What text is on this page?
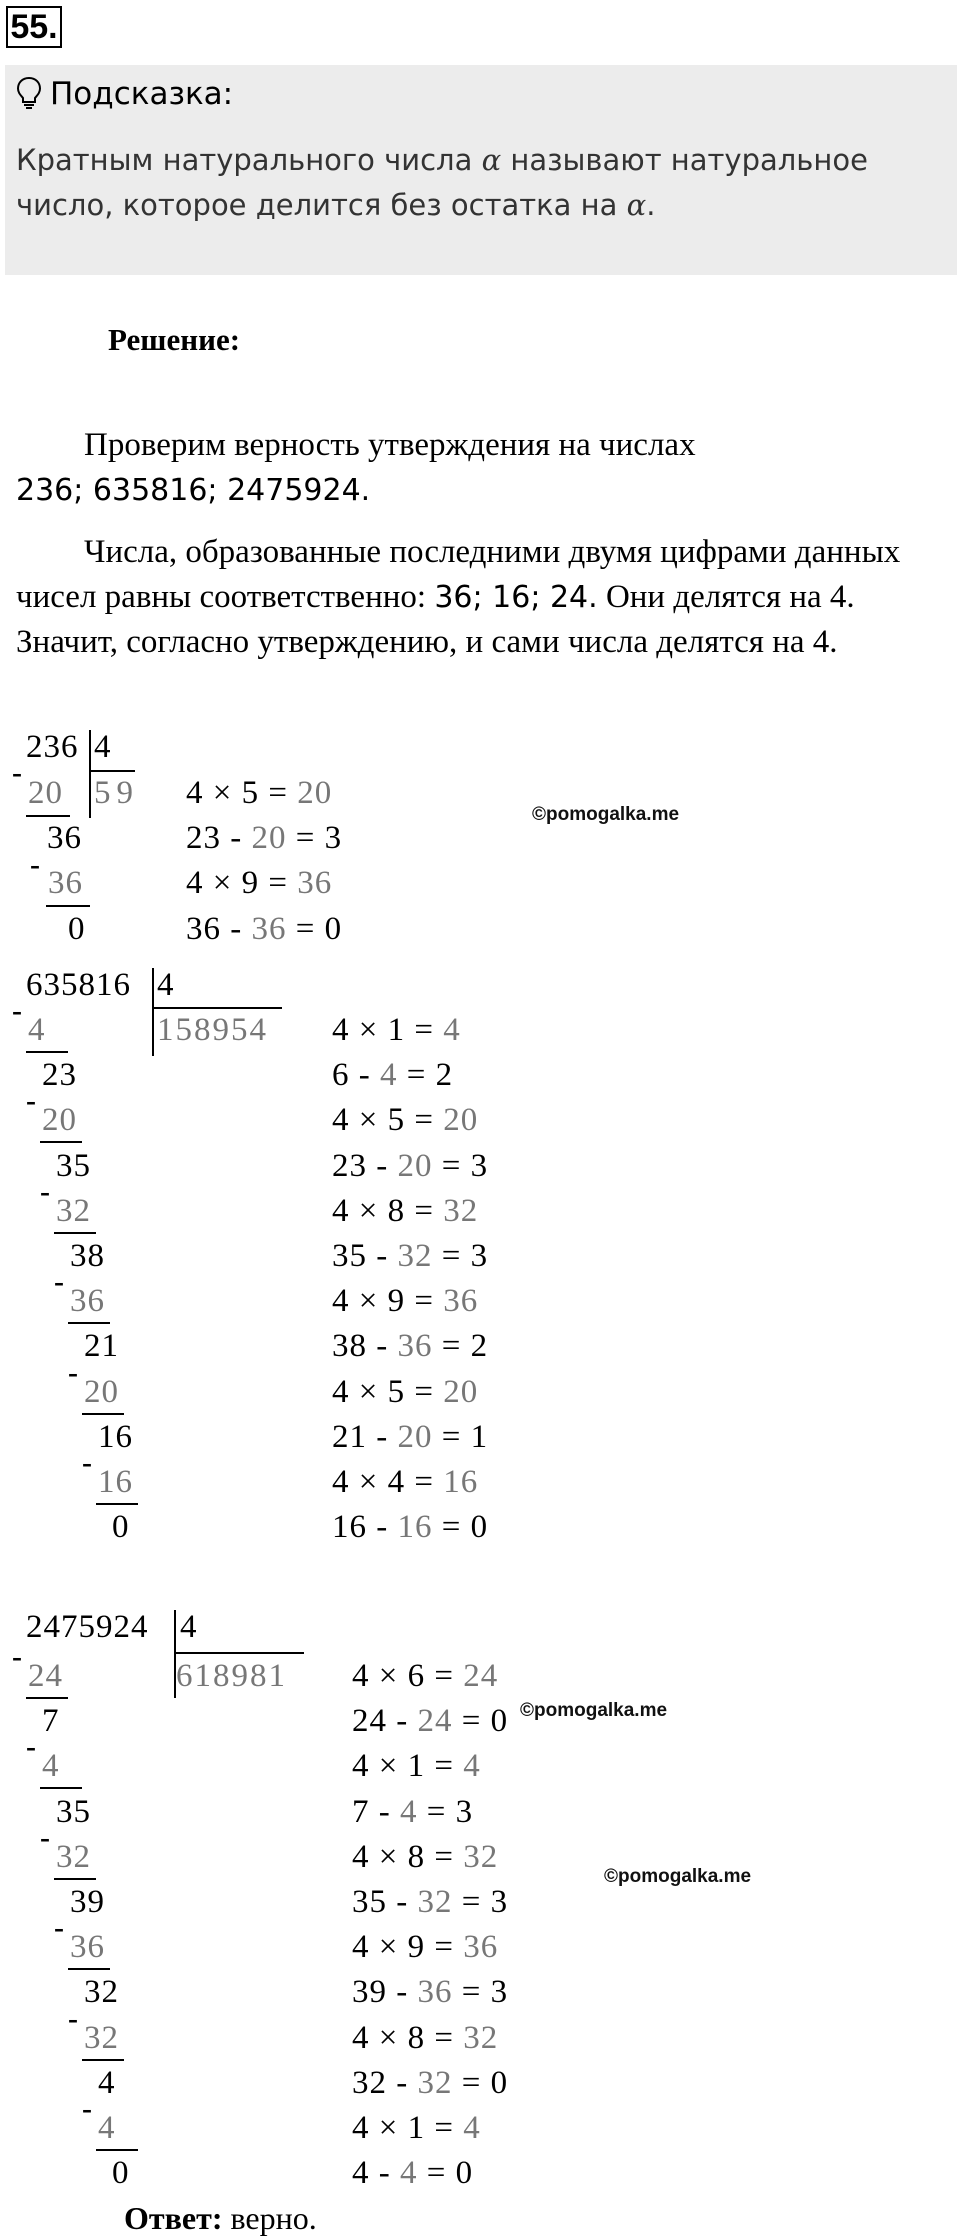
55.
Подсказка:
Кратным натурального числа α называют натуральное число, которое делится без остатка на α.
Решение:
Проверим верность утверждения на числах
236; 635816; 2475924.
Числа, образованные последними двумя цифрами данных чисел равны соответственно: 36; 16; 24. Они делятся на 4. Значит, согласно утверждению, и сами числа делятся на 4.
236 4
59
-
20
36
-
36
0
4 × 5 = 20
23 - 20 = 3
4 × 9 = 36
36 - 36 = 0
©pomogalka.me
635816 4
158954
4
-
23
20
-
35
32
-
38
36
-
21
20
-
16
16
-
0
4 × 1 = 4
6 - 4 = 2
4 × 5 = 20
23 - 20 = 3
4 × 8 = 32
35 - 32 = 3
4 × 9 = 36
38 - 36 = 2
4 × 5 = 20
21 - 20 = 1
4 × 4 = 16
16 - 16 = 0
2475924 4
618981
24
-
7
4
-
35
32
-
39
36
-
32
32
-
4
4
-
0
4 × 6 = 24
24 - 24 = 0
4 × 1 = 4
7 - 4 = 3
4 × 8 = 32
35 - 32 = 3
4 × 9 = 36
39 - 36 = 3
4 × 8 = 32
32 - 32 = 0
4 × 1 = 4
4 - 4 = 0
©pomogalka.me
©pomogalka.me
Ответ: верно.
